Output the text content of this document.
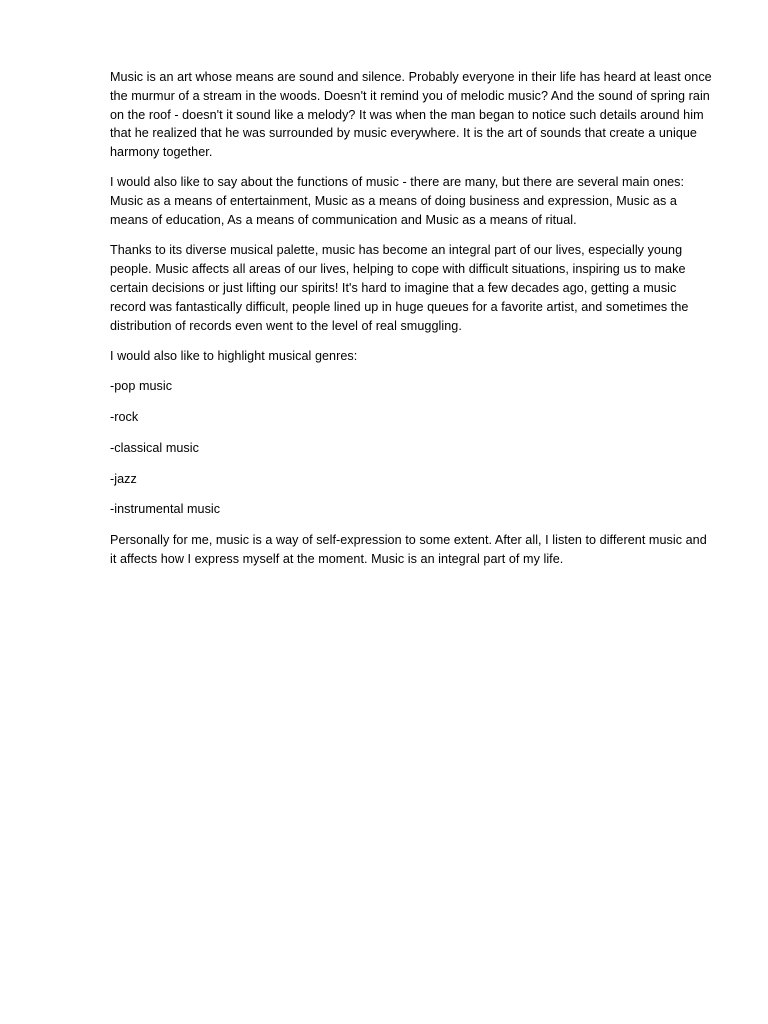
Music is an art whose means are sound and silence. Probably everyone in their life has heard at least once the murmur of a stream in the woods. Doesn't it remind you of melodic music? And the sound of spring rain on the roof - doesn't it sound like a melody? It was when the man began to notice such details around him that he realized that he was surrounded by music everywhere. It is the art of sounds that create a unique harmony together.

I would also like to say about the functions of music - there are many, but there are several main ones: Music as a means of entertainment, Music as a means of doing business and expression, Music as a means of education, As a means of communication and Music as a means of ritual.

Thanks to its diverse musical palette, music has become an integral part of our lives, especially young people. Music affects all areas of our lives, helping to cope with difficult situations, inspiring us to make certain decisions or just lifting our spirits! It's hard to imagine that a few decades ago, getting a music record was fantastically difficult, people lined up in huge queues for a favorite artist, and sometimes the distribution of records even went to the level of real smuggling.

I would also like to highlight musical genres:

-pop music
-rock
-classical music
-jazz
-instrumental music

Personally for me, music is a way of self-expression to some extent. After all, I listen to different music and it affects how I express myself at the moment. Music is an integral part of my life.
